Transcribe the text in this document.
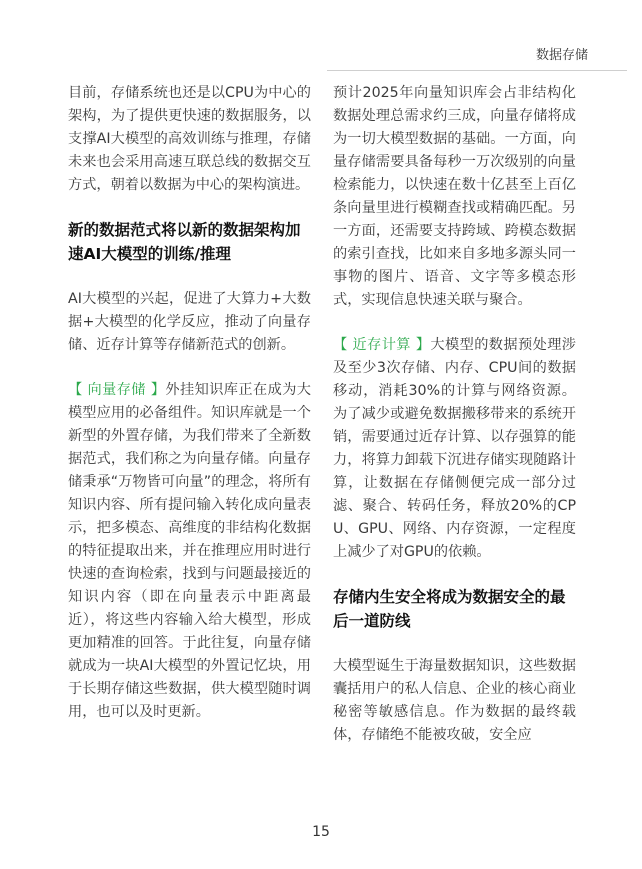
数据存储

目前，存储系统也还是以CPU为中心的架构，为了提供更快速的数据服务，以支撑AI大模型的高效训练与推理，存储未来也会采用高速互联总线的数据交互方式，朝着以数据为中心的架构演进。

新的数据范式将以新的数据架构加速AI大模型的训练/推理

AI大模型的兴起，促进了大算力+大数据+大模型的化学反应，推动了向量存储、近存计算等存储新范式的创新。

【 向量存储 】外挂知识库正在成为大模型应用的必备组件。知识库就是一个新型的外置存储，为我们带来了全新数据范式，我们称之为向量存储。向量存储秉承“万物皆可向量”的理念，将所有知识内容、所有提问输入转化成向量表示，把多模态、高维度的非结构化数据的特征提取出来，并在推理应用时进行快速的查询检索，找到与问题最接近的知识内容（即在向量表示中距离最近），将这些内容输入给大模型，形成更加精准的回答。于此往复，向量存储就成为一块AI大模型的外置记忆块，用于长期存储这些数据，供大模型随时调用，也可以及时更新。

预计2025年向量知识库会占非结构化数据处理总需求约三成，向量存储将成为一切大模型数据的基础。一方面，向量存储需要具备每秒一万次级别的向量检索能力，以快速在数十亿甚至上百亿条向量里进行模糊查找或精确匹配。另一方面，还需要支持跨域、跨模态数据的索引查找，比如来自多地多源头同一事物的图片、语音、文字等多模态形式，实现信息快速关联与聚合。

【 近存计算 】大模型的数据预处理涉及至少3次存储、内存、CPU间的数据移动，消耗30%的计算与网络资源。为了减少或避免数据搬移带来的系统开销，需要通过近存计算、以存强算的能力，将算力卸载下沉进存储实现随路计算，让数据在存储侧便完成一部分过滤、聚合、转码任务，释放20%的CPU、GPU、网络、内存资源，一定程度上减少了对GPU的依赖。

存储内生安全将成为数据安全的最后一道防线

大模型诞生于海量数据知识，这些数据囊括用户的私人信息、企业的核心商业秘密等敏感信息。作为数据的最终载体，存储绝不能被攻破，安全应

15
